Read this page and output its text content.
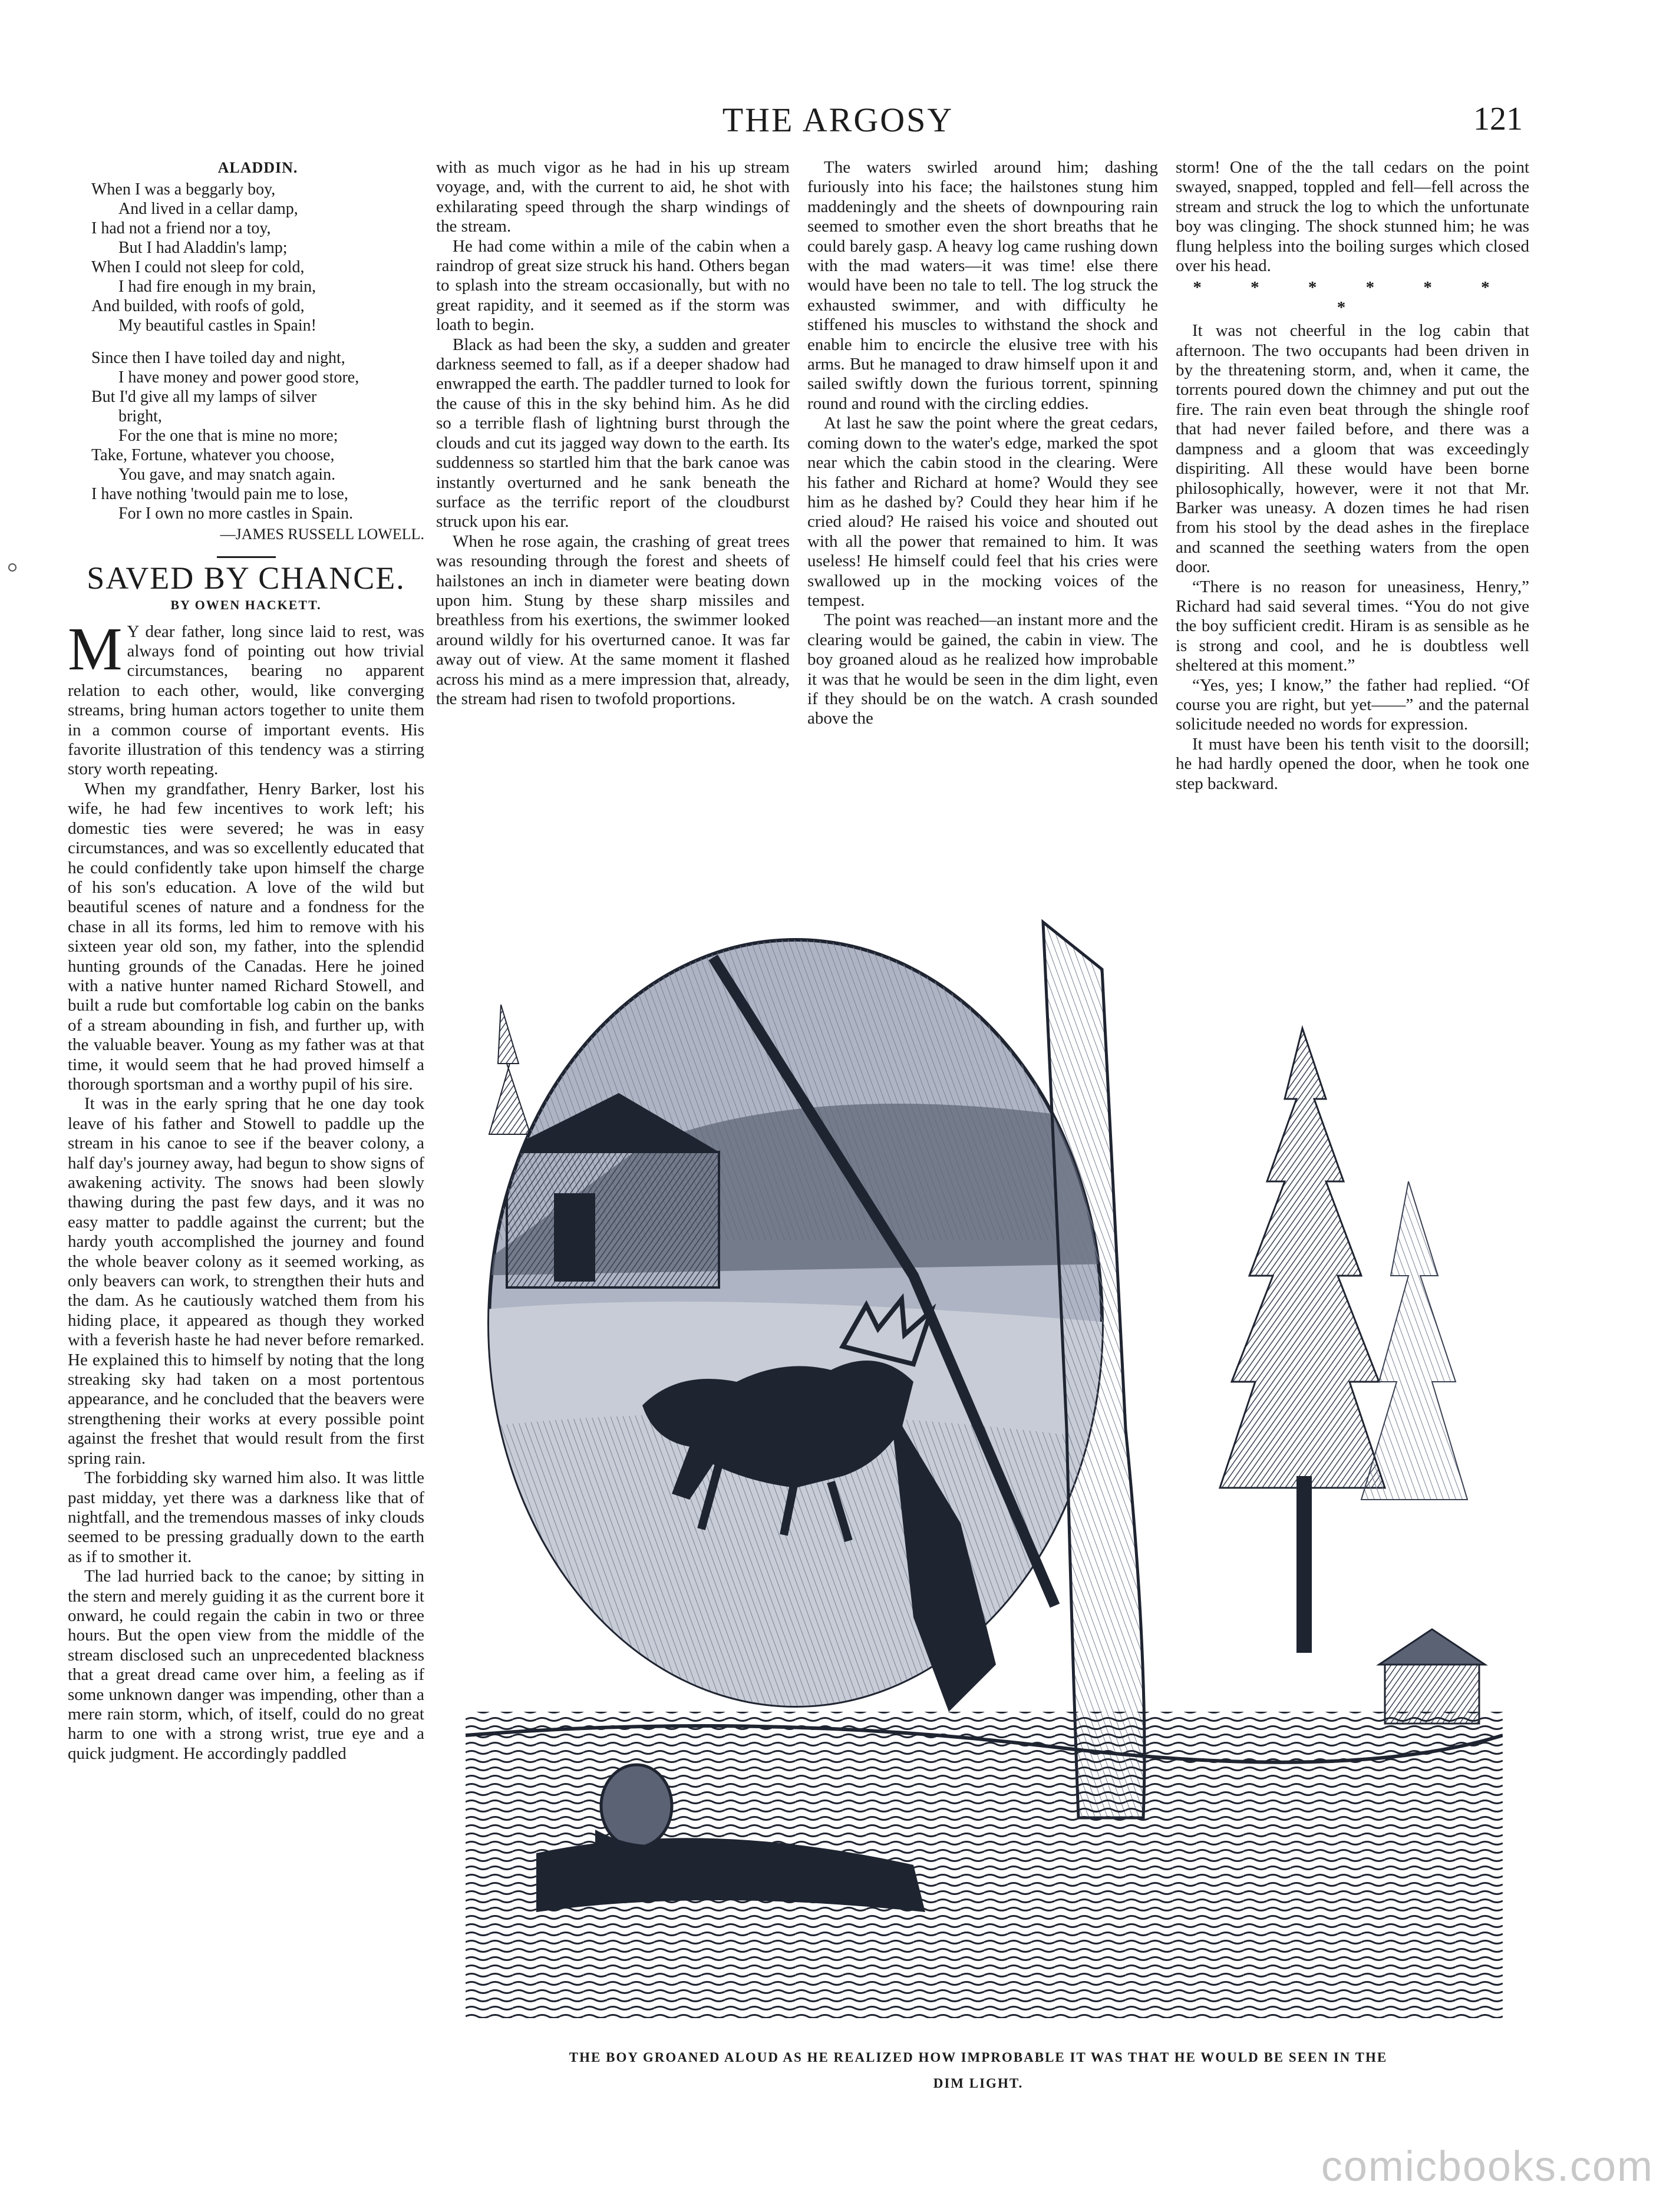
THE ARGOSY	121
ALADDIN.
When I was a beggarly boy,
And lived in a cellar damp,
I had not a friend nor a toy,
But I had Aladdin's lamp;
When I could not sleep for cold,
I had fire enough in my brain,
And builded, with roofs of gold,
My beautiful castles in Spain!
Since then I have toiled day and night,
I have money and power good store,
But I'd give all my lamps of silver
bright,
For the one that is mine no more;
Take, Fortune, whatever you choose,
You gave, and may snatch again.
I have nothing 'twould pain me to lose,
For I own no more castles in Spain.
—JAMES RUSSELL LOWELL.
SAVED BY CHANCE.
BY OWEN HACKETT.

M Y dear father, long since laid to rest, was always fond of pointing out how trivial circumstances, bearing no apparent relation to each other, would, like converging streams, bring human actors together to unite them in a common course of important events. His favorite illustration of this tendency was a stirring story worth repeating.

When my grandfather, Henry Barker, lost his wife, he had few incentives to work left; his domestic ties were severed; he was in easy circumstances, and was so excellently educated that he could confidently take upon himself the charge of his son's education. A love of the wild but beautiful scenes of nature and a fondness for the chase in all its forms, led him to remove with his sixteen year old son, my father, into the splendid hunting grounds of the Canadas. Here he joined with a native hunter named Richard Stowell, and built a rude but comfortable log cabin on the banks of a stream abounding in fish, and further up, with the valuable beaver. Young as my father was at that time, it would seem that he had proved himself a thorough sportsman and a worthy pupil of his sire.

It was in the early spring that he one day took leave of his father and Stowell to paddle up the stream in his canoe to see if the beaver colony, a half day's journey away, had begun to show signs of awakening activity. The snows had been slowly thawing during the past few days, and it was no easy matter to paddle against the current; but the hardy youth accomplished the journey and found the whole beaver colony as it seemed working, as only beavers can work, to strengthen their huts and the dam. As he cautiously watched them from his hiding place, it appeared as though they worked with a feverish haste he had never before remarked. He explained this to himself by noting that the long streaking sky had taken on a most portentous appearance, and he concluded that the beavers were strengthening their works at every possible point against the freshet that would result from the first spring rain.

The forbidding sky warned him also. It was little past midday, yet there was a darkness like that of nightfall, and the tremendous masses of inky clouds seemed to be pressing gradually down to the earth as if to smother it.

The lad hurried back to the canoe; by sitting in the stern and merely guiding it as the current bore it onward, he could regain the cabin in two or three hours. But the open view from the middle of the stream disclosed such an unprecedented blackness that a great dread came over him, a feeling as if some unknown danger was impending, other than a mere rain storm, which, of itself, could do no great harm to one with a strong wrist, true eye and a quick judgment. He accordingly paddled

with as much vigor as he had in his up stream voyage, and, with the current to aid, he shot with exhilarating speed through the sharp windings of the stream.

He had come within a mile of the cabin when a raindrop of great size struck his hand. Others began to splash into the stream occasionally, but with no great rapidity, and it seemed as if the storm was loath to begin.

Black as had been the sky, a sudden and greater darkness seemed to fall, as if a deeper shadow had enwrapped the earth. The paddler turned to look for the cause of this in the sky behind him. As he did so a terrible flash of lightning burst through the clouds and cut its jagged way down to the earth. Its suddenness so startled him that the bark canoe was instantly overturned and he sank beneath the surface as the terrific report of the cloudburst struck upon his ear.

When he rose again, the crashing of great trees was resounding through the forest and sheets of hailstones an inch in diameter were beating down upon him. Stung by these sharp missiles and breathless from his exertions, the swimmer looked around wildly for his overturned canoe. It was far away out of view. At the same moment it flashed across his mind as a mere impression that, already, the stream had risen to twofold proportions.

The waters swirled around him; dashing furiously into his face; the hailstones stung him maddeningly and the sheets of downpouring rain seemed to smother even the short breaths that he could barely gasp. A heavy log came rushing down with the mad waters—it was time! else there would have been no tale to tell. The log struck the exhausted swimmer, and with difficulty he stiffened his muscles to withstand the shock and enable him to encircle the elusive tree with his arms. But he managed to draw himself upon it and sailed swiftly down the furious torrent, spinning round and round with the circling eddies.

At last he saw the point where the great cedars, coming down to the water's edge, marked the spot near which the cabin stood in the clearing. Were his father and Richard at home? Would they see him as he dashed by? Could they hear him if he cried aloud? He raised his voice and shouted out with all the power that remained to him. It was useless! He himself could feel that his cries were swallowed up in the mocking voices of the tempest.

The point was reached—an instant more and the clearing would be gained, the cabin in view. The boy groaned aloud as he realized how improbable it was that he would be seen in the dim light, even if they should be on the watch. A crash sounded above the

storm! One of the the tall cedars on the point swayed, snapped, toppled and fell—fell across the stream and struck the log to which the unfortunate boy was clinging. The shock stunned him; he was flung helpless into the boiling surges which closed over his head.

* * * * * * *

It was not cheerful in the log cabin that afternoon. The two occupants had been driven in by the threatening storm, and, when it came, the torrents poured down the chimney and put out the fire. The rain even beat through the shingle roof that had never failed before, and there was a dampness and a gloom that was exceedingly dispiriting. All these would have been borne philosophically, however, were it not that Mr. Barker was uneasy. A dozen times he had risen from his stool by the dead ashes in the fireplace and scanned the seething waters from the open door.

“There is no reason for uneasiness, Henry,” Richard had said several times. “You do not give the boy sufficient credit. Hiram is as sensible as he is strong and cool, and he is doubtless well sheltered at this moment.”

“Yes, yes; I know,” the father had replied. “Of course you are right, but yet——” and the paternal solicitude needed no words for expression.

It must have been his tenth visit to the doorsill; he had hardly opened the door, when he took one step backward.

THE BOY GROANED ALOUD AS HE REALIZED HOW IMPROBABLE IT WAS THAT HE WOULD BE SEEN IN THE
DIM LIGHT.
comicbooks.com
